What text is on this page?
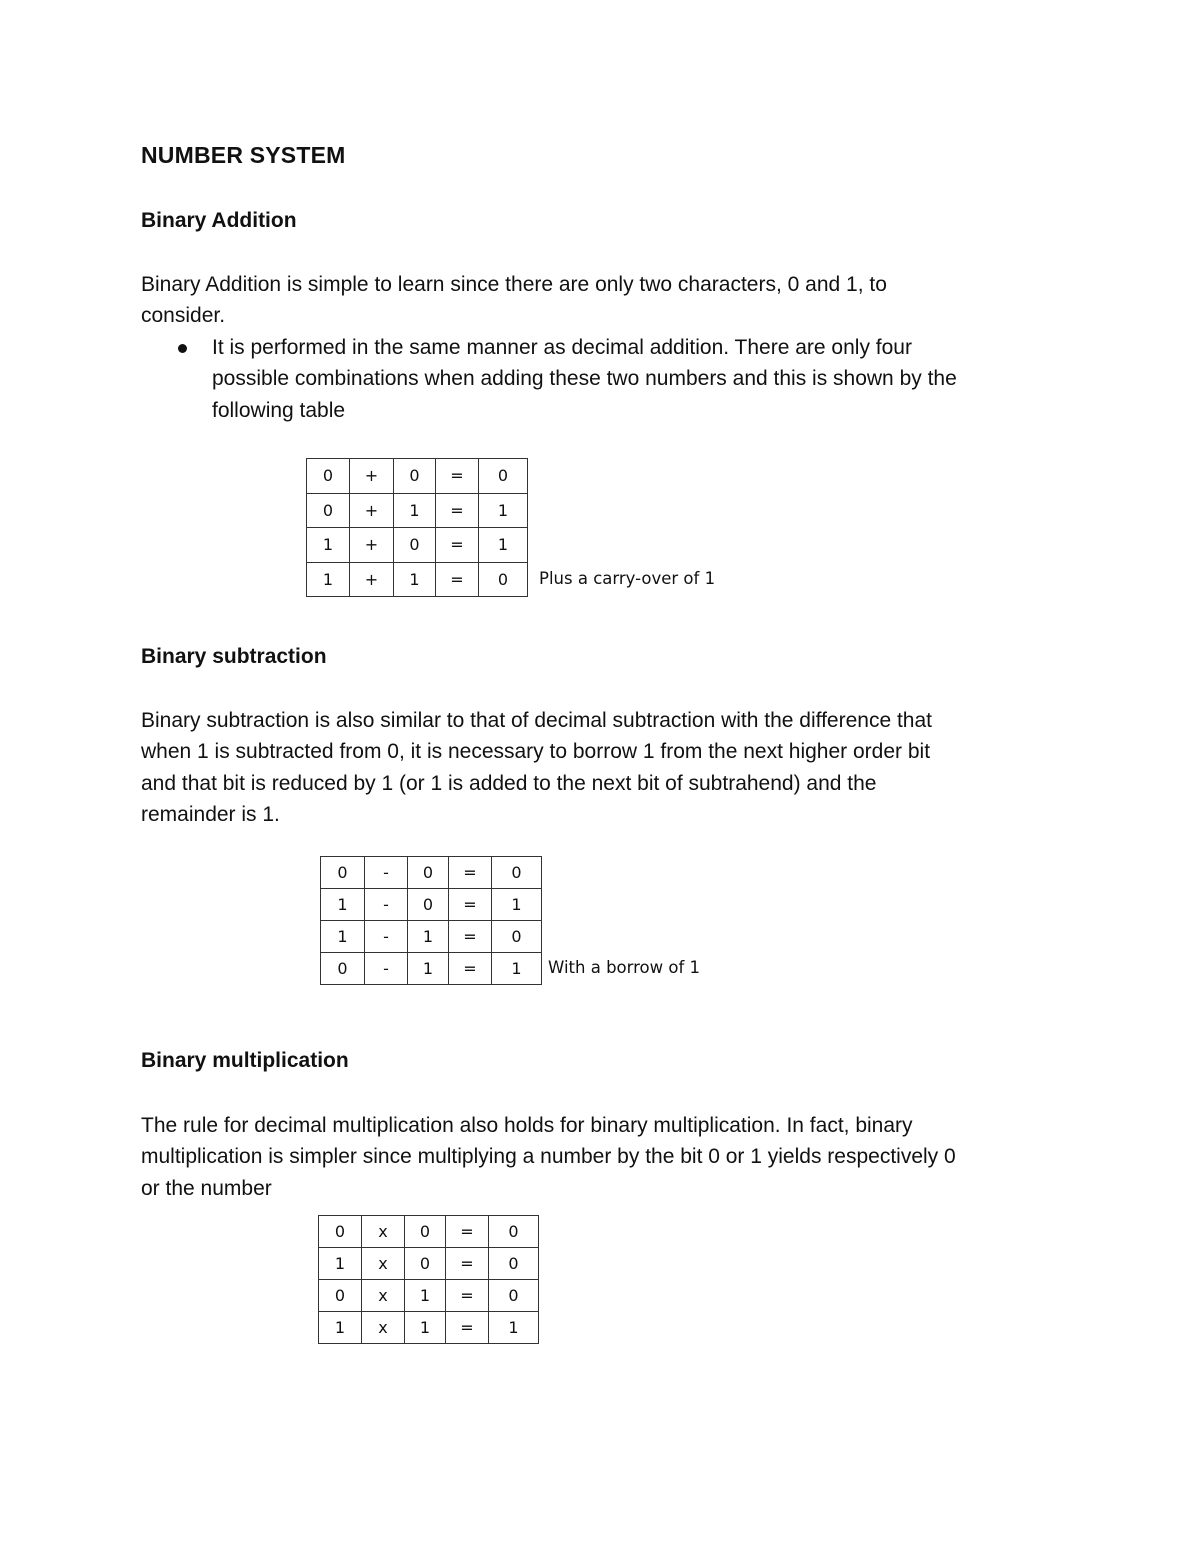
NUMBER SYSTEM
Binary Addition
Binary Addition is simple to learn since there are only two characters, 0 and 1, to
consider.
It is performed in the same manner as decimal addition. There are only four
possible combinations when adding these two numbers and this is shown by the
following table
0	+	0	=	0
0	+	1	=	1
1	+	0	=	1
1	+	1	=	0 Plus a carry-over of 1
Binary subtraction
Binary subtraction is also similar to that of decimal subtraction with the difference that
when 1 is subtracted from 0, it is necessary to borrow 1 from the next higher order bit
and that bit is reduced by 1 (or 1 is added to the next bit of subtrahend) and the
remainder is 1.
0	-	0	=	0
1	-	0	=	1
1	-	1	=	0
0	-	1	=	1 With a borrow of 1
Binary multiplication
The rule for decimal multiplication also holds for binary multiplication. In fact, binary
multiplication is simpler since multiplying a number by the bit 0 or 1 yields respectively 0
or the number
0	x	0	=	0
1	x	0	=	0
0	x	1	=	0
1	x	1	=	1
